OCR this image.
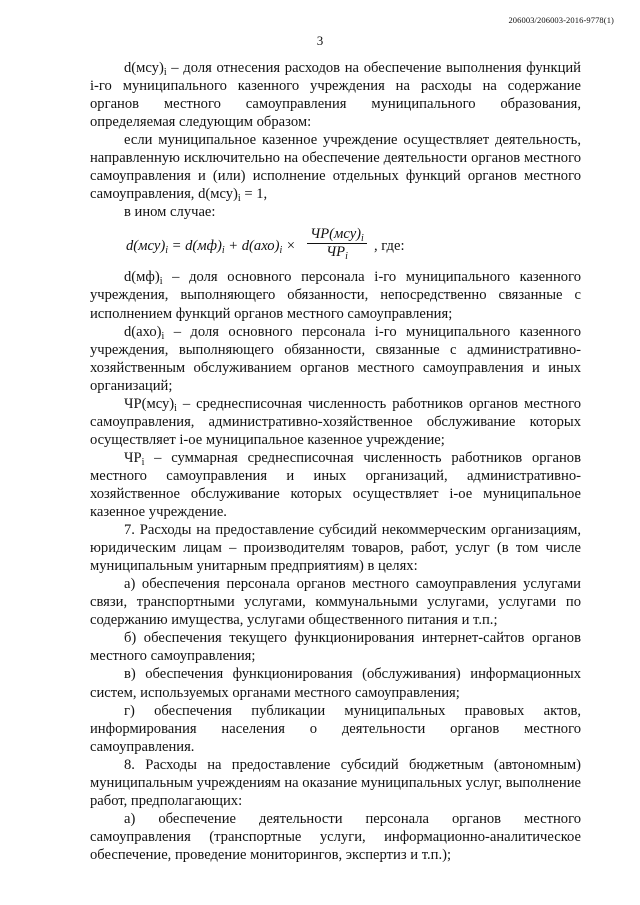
206003/206003-2016-9778(1)
3

$d(мсу)_i$ – доля отнесения расходов на обеспечение выполнения функций i-го муниципального казенного учреждения на расходы на содержание органов местного самоуправления муниципального образования, определяемая следующим образом:

если муниципальное казенное учреждение осуществляет деятельность, направленную исключительно на обеспечение деятельности органов местного самоуправления и (или) исполнение отдельных функций органов местного самоуправления, $d(мсу)_i = 1$,

в ином случае:

$d(мсу)_i = d(мф)_i + d(ахо)_i$ ×
$ЧР(мсу)_i$
$ЧР_i$
, где:

$d(мф)_i$ – доля основного персонала i-го муниципального казенного учреждения, выполняющего обязанности, непосредственно связанные с исполнением функций органов местного самоуправления;

$d(ахо)_i$ – доля основного персонала i-го муниципального казенного учреждения, выполняющего обязанности, связанные с административно-хозяйственным обслуживанием органов местного самоуправления и иных организаций;

$ЧР(мсу)_i$ – среднесписочная численность работников органов местного самоуправления, административно-хозяйственное обслуживание которых осуществляет i-ое муниципальное казенное учреждение;

$ЧР_i$ – суммарная среднесписочная численность работников органов местного самоуправления и иных организаций, административно-хозяйственное обслуживание которых осуществляет i-ое муниципальное казенное учреждение.

7. Расходы на предоставление субсидий некоммерческим организациям, юридическим лицам – производителям товаров, работ, услуг (в том числе муниципальным унитарным предприятиям) в целях:

а) обеспечения персонала органов местного самоуправления услугами связи, транспортными услугами, коммунальными услугами, услугами по содержанию имущества, услугами общественного питания и т.п.;

б) обеспечения текущего функционирования интернет-сайтов органов местного самоуправления;

в) обеспечения функционирования (обслуживания) информационных систем, используемых органами местного самоуправления;

г) обеспечения публикации муниципальных правовых актов, информирования населения о деятельности органов местного самоуправления.

8. Расходы на предоставление субсидий бюджетным (автономным) муниципальным учреждениям на оказание муниципальных услуг, выполнение работ, предполагающих:

а) обеспечение деятельности персонала органов местного самоуправления (транспортные услуги, информационно-аналитическое обеспечение, проведение мониторингов, экспертиз и т.п.);
